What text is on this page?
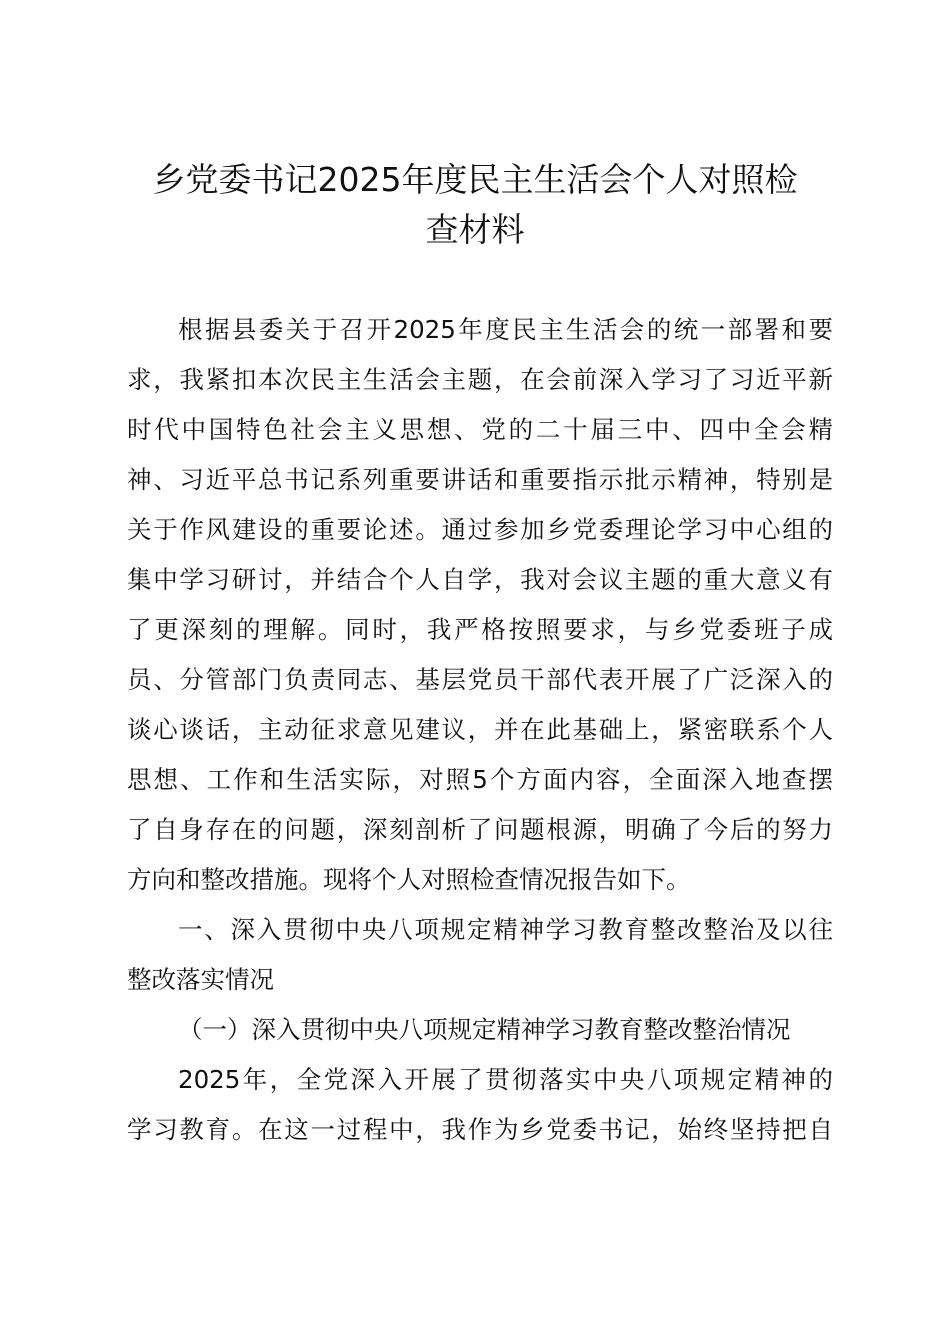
乡党委书记2025年度民主生活会个人对照检
查材料
根据县委关于召开2025年度民主生活会的统一部署和要
求，我紧扣本次民主生活会主题，在会前深入学习了习近平新
时代中国特色社会主义思想、党的二十届三中、四中全会精
神、习近平总书记系列重要讲话和重要指示批示精神，特别是
关于作风建设的重要论述。通过参加乡党委理论学习中心组的
集中学习研讨，并结合个人自学，我对会议主题的重大意义有
了更深刻的理解。同时，我严格按照要求，与乡党委班子成
员、分管部门负责同志、基层党员干部代表开展了广泛深入的
谈心谈话，主动征求意见建议，并在此基础上，紧密联系个人
思想、工作和生活实际，对照5个方面内容，全面深入地查摆
了自身存在的问题，深刻剖析了问题根源，明确了今后的努力
方向和整改措施。现将个人对照检查情况报告如下。
一、深入贯彻中央八项规定精神学习教育整改整治及以往
整改落实情况
（一）深入贯彻中央八项规定精神学习教育整改整治情况
2025年，全党深入开展了贯彻落实中央八项规定精神的
学习教育。在这一过程中，我作为乡党委书记，始终坚持把自
